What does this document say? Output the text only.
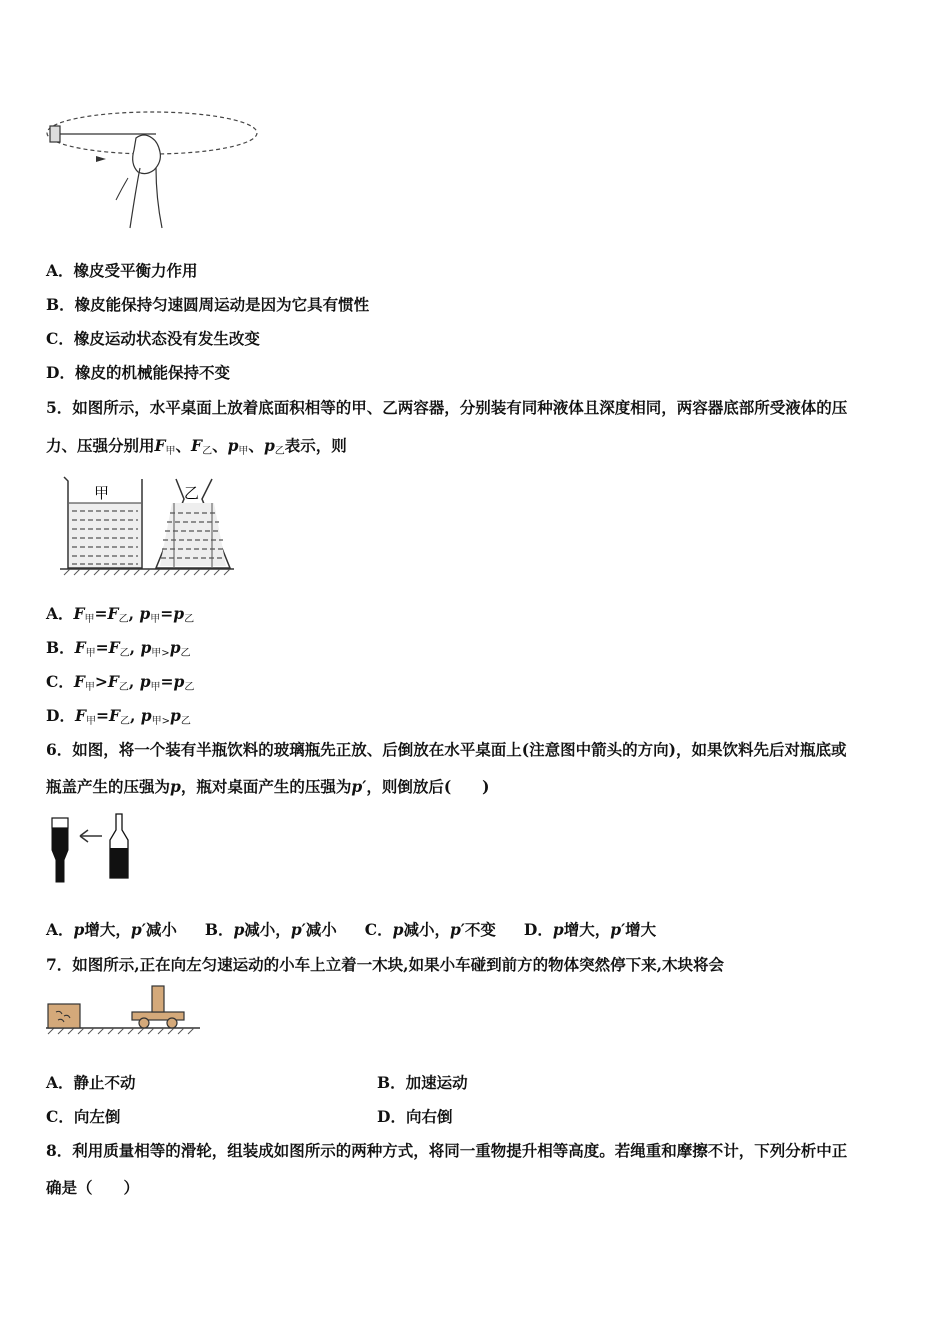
A．橡皮受平衡力作用
B．橡皮能保持匀速圆周运动是因为它具有惯性
C．橡皮运动状态没有发生改变
D．橡皮的机械能保持不变
5．如图所示，水平桌面上放着底面积相等的甲、乙两容器，分别装有同种液体且深度相同，两容器底部所受液体的压
力、压强分别用F甲、F乙、p甲、p乙表示，则
甲	乙
A．F甲=F乙, p甲=p乙
B．F甲=F乙, p甲>p乙
C．F甲>F乙, p甲=p乙
D．F甲=F乙, p甲>p乙
6．如图，将一个装有半瓶饮料的玻璃瓶先正放、后倒放在水平桌面上(注意图中箭头的方向)，如果饮料先后对瓶底或
瓶盖产生的压强为p，瓶对桌面产生的压强为p′，则倒放后(　　)
A．p增大，p′减小 B．p减小，p′减小 C．p减小，p′不变 D．p增大，p′增大
7．如图所示,正在向左匀速运动的小车上立着一木块,如果小车碰到前方的物体突然停下来,木块将会
A．静止不动	B．加速运动
C．向左倒	D．向右倒
8．利用质量相等的滑轮，组装成如图所示的两种方式，将同一重物提升相等高度。若绳重和摩擦不计，下列分析中正
确是（　　）
